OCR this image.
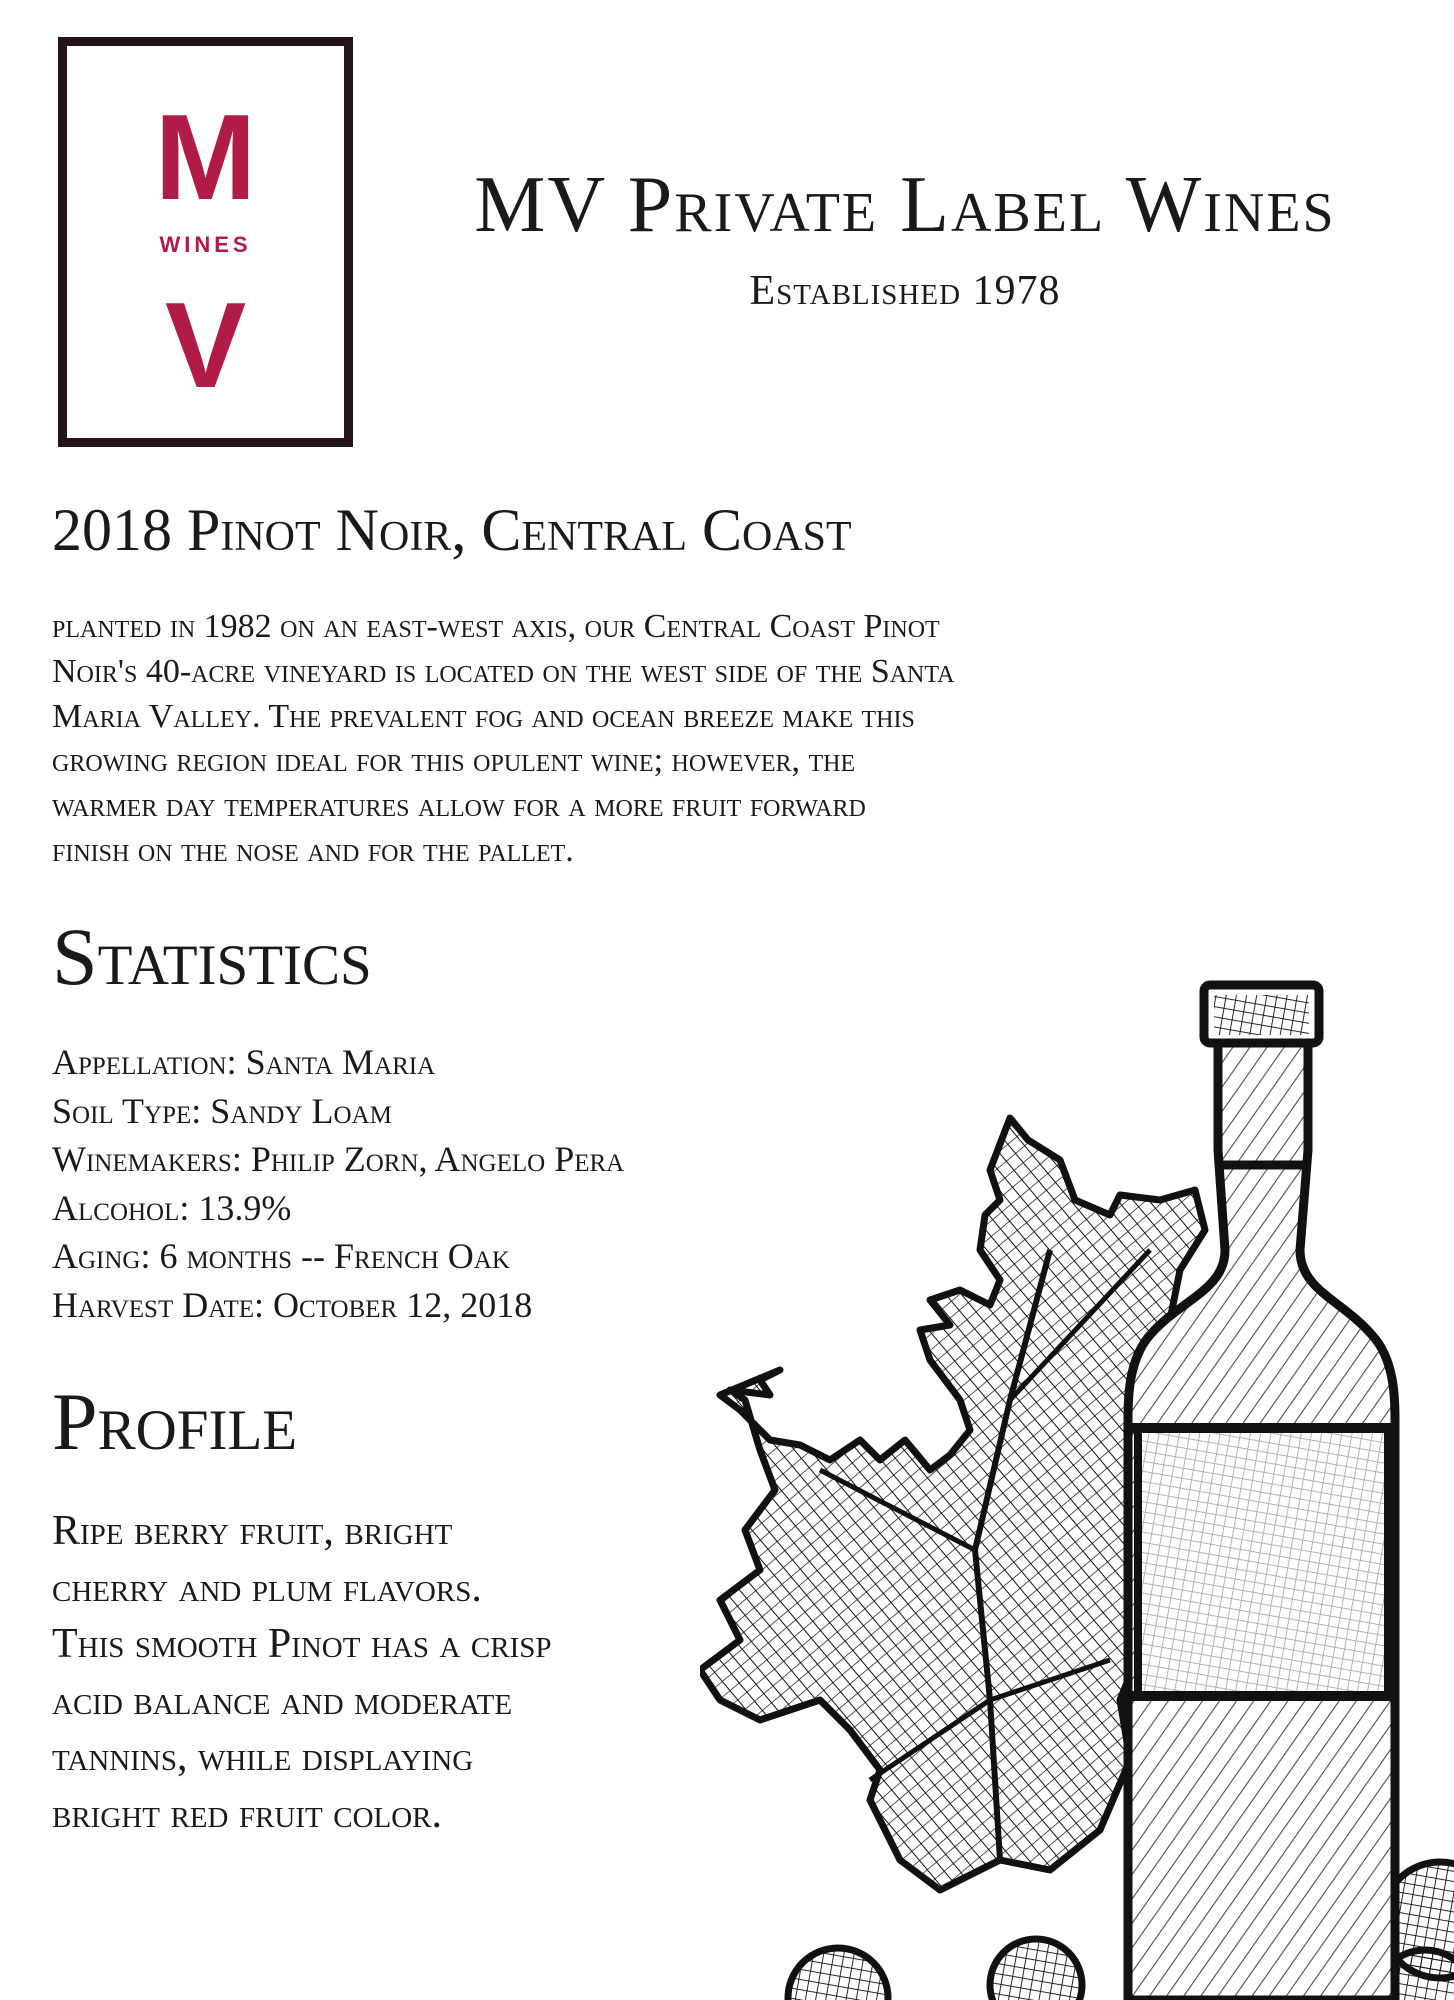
M
WINES
V
MV Private Label Wines
Established 1978
2018 Pinot Noir, Central Coast

planted in 1982 on an east-west axis, our Central Coast Pinot
Noir's 40-acre vineyard is located on the west side of the Santa
Maria Valley. The prevalent fog and ocean breeze make this
growing region ideal for this opulent wine; however, the
warmer day temperatures allow for a more fruit forward
finish on the nose and for the pallet.

Statistics
Appellation: Santa Maria
Soil Type: Sandy Loam
Winemakers: Philip Zorn, Angelo Pera
Alcohol: 13.9%
Aging: 6 months -- French Oak
Harvest Date: October 12, 2018
Profile

Ripe berry fruit, bright
cherry and plum flavors.
This smooth Pinot has a crisp
acid balance and moderate
tannins, while displaying
bright red fruit color.
